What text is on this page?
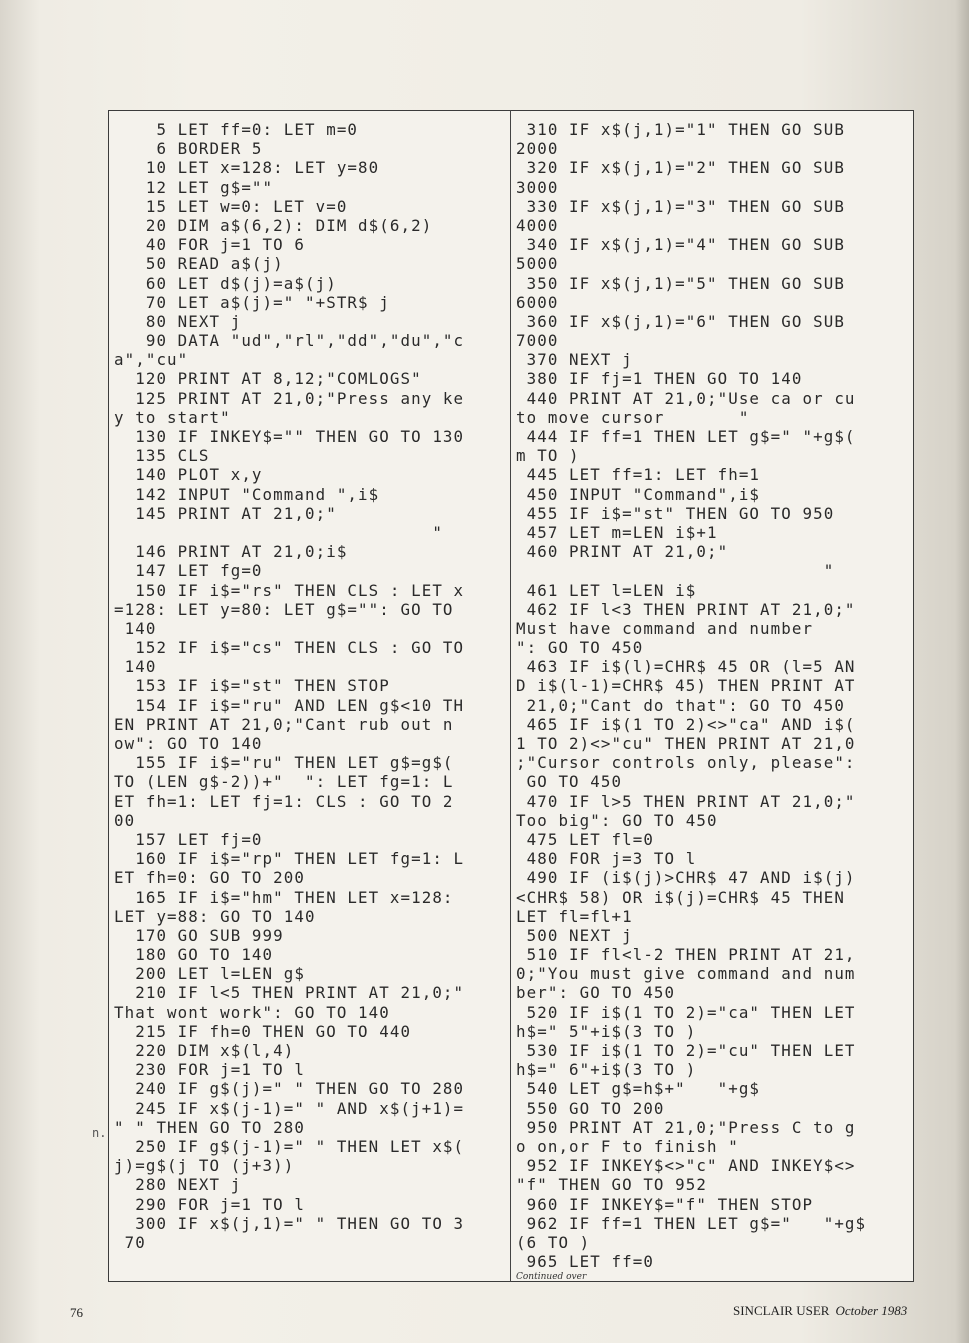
5 LET ff=0: LET m=0
6 BORDER 5
10 LET x=128: LET y=80
12 LET g$=""
15 LET w=0: LET v=0
20 DIM a$(6,2): DIM d$(6,2)
40 FOR j=1 TO 6
50 READ a$(j)
60 LET d$(j)=a$(j)
70 LET a$(j)=" "+STR$ j
80 NEXT j
90 DATA "ud","rl","dd","du","c
a","cu"
120 PRINT AT 8,12;"COMLOGS"
125 PRINT AT 21,0;"Press any ke
y to start"
130 IF INKEY$="" THEN GO TO 130
135 CLS
140 PLOT x,y
142 INPUT "Command ",i$
145 PRINT AT 21,0;"
"
146 PRINT AT 21,0;i$
147 LET fg=0
150 IF i$="rs" THEN CLS : LET x
=128: LET y=80: LET g$="": GO TO
140
152 IF i$="cs" THEN CLS : GO TO
140
153 IF i$="st" THEN STOP
154 IF i$="ru" AND LEN g$<10 TH
EN PRINT AT 21,0;"Cant rub out n
ow": GO TO 140
155 IF i$="ru" THEN LET g$=g$(
TO (LEN g$-2))+"  ": LET fg=1: L
ET fh=1: LET fj=1: CLS : GO TO 2
00
157 LET fj=0
160 IF i$="rp" THEN LET fg=1: L
ET fh=0: GO TO 200
165 IF i$="hm" THEN LET x=128:
LET y=88: GO TO 140
170 GO SUB 999
180 GO TO 140
200 LET l=LEN g$
210 IF l<5 THEN PRINT AT 21,0;"
That wont work": GO TO 140
215 IF fh=0 THEN GO TO 440
220 DIM x$(l,4)
230 FOR j=1 TO l
240 IF g$(j)=" " THEN GO TO 280
245 IF x$(j-1)=" " AND x$(j+1)=
" " THEN GO TO 280
250 IF g$(j-1)=" " THEN LET x$(
j)=g$(j TO (j+3))
280 NEXT j
290 FOR j=1 TO l
300 IF x$(j,1)=" " THEN GO TO 3
70
310 IF x$(j,1)="1" THEN GO SUB
2000
320 IF x$(j,1)="2" THEN GO SUB
3000
330 IF x$(j,1)="3" THEN GO SUB
4000
340 IF x$(j,1)="4" THEN GO SUB
5000
350 IF x$(j,1)="5" THEN GO SUB
6000
360 IF x$(j,1)="6" THEN GO SUB
7000
370 NEXT j
380 IF fj=1 THEN GO TO 140
440 PRINT AT 21,0;"Use ca or cu
to move cursor       "
444 IF ff=1 THEN LET g$=" "+g$(
m TO )
445 LET ff=1: LET fh=1
450 INPUT "Command",i$
455 IF i$="st" THEN GO TO 950
457 LET m=LEN i$+1
460 PRINT AT 21,0;"
"
461 LET l=LEN i$
462 IF l<3 THEN PRINT AT 21,0;"
Must have command and number
": GO TO 450
463 IF i$(l)=CHR$ 45 OR (l=5 AN
D i$(l-1)=CHR$ 45) THEN PRINT AT
21,0;"Cant do that": GO TO 450
465 IF i$(1 TO 2)<>"ca" AND i$(
1 TO 2)<>"cu" THEN PRINT AT 21,0
;"Cursor controls only, please":
GO TO 450
470 IF l>5 THEN PRINT AT 21,0;"
Too big": GO TO 450
475 LET fl=0
480 FOR j=3 TO l
490 IF (i$(j)>CHR$ 47 AND i$(j)
<CHR$ 58) OR i$(j)=CHR$ 45 THEN
LET fl=fl+1
500 NEXT j
510 IF fl<l-2 THEN PRINT AT 21,
0;"You must give command and num
ber": GO TO 450
520 IF i$(1 TO 2)="ca" THEN LET
h$=" 5"+i$(3 TO )
530 IF i$(1 TO 2)="cu" THEN LET
h$=" 6"+i$(3 TO )
540 LET g$=h$+"   "+g$
550 GO TO 200
950 PRINT AT 21,0;"Press C to g
o on,or F to finish "
952 IF INKEY$<>"c" AND INKEY$<>
"f" THEN GO TO 952
960 IF INKEY$="f" THEN STOP
962 IF ff=1 THEN LET g$="   "+g$
(6 TO )
965 LET ff=0
Continued over
n.
76	SINCLAIR USER October 1983
